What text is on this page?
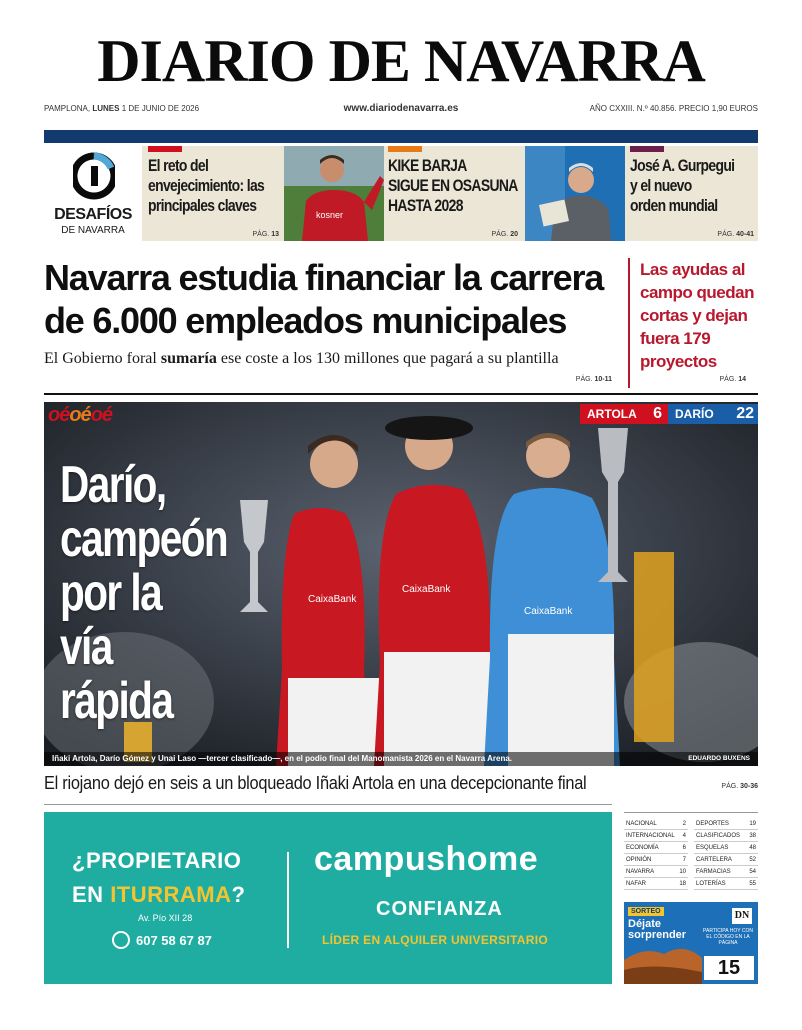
DIARIO DE NAVARRA
PAMPLONA, LUNES 1 DE JUNIO DE 2026	www.diariodenavarra.es	AÑO CXXIII. N.º 40.856. PRECIO 1,90 EUROS
DESAFÍOS
DE NAVARRA
El reto del
envejecimiento: las
principales claves
PÁG. 13
kosner
KIKE BARJA
SIGUE EN OSASUNA
HASTA 2028
PÁG. 20
José A. Gurpegui
y el nuevo
orden mundial
PÁG. 40-41
Navarra estudia financiar la carrera
de 6.000 empleados municipales
El Gobierno foral sumaría ese coste a los 130 millones que pagará a su plantilla
PÁG. 10-11
Las ayudas al
campo quedan
cortas y dejan
fuera 179
proyectos
PÁG. 14
CaixaBank
CaixaBank
CaixaBank
oéoéoé	ARTOLA 6	DARÍO 22
Darío,
campeón
por la vía
rápida
Iñaki Artola, Darío Gómez y Unai Laso —tercer clasificado—, en el podio final del Manomanista 2026 en el Navarra Arena.	EDUARDO BUXENS
El riojano dejó en seis a un bloqueado Iñaki Artola en una decepcionante final	PÁG. 30-36
¿PROPIETARIO
EN ITURRAMA?
Av. Pío XII 28
607 58 67 87
campushome
CONFIANZA
LÍDER EN ALQUILER UNIVERSITARIO
NACIONAL	2
INTERNACIONAL 4
ECONOMÍA	6
OPINIÓN	7
NAVARRA	10
NAFAR	18
DEPORTES	19
CLASIFICADOS 38
ESQUELAS	48
CARTELERA	52
FARMACIAS	54
LOTERÍAS	55
SORTEO
Déjate
sorprender
DN
PARTICIPA HOY CON EL CÓDIGO EN LA PÁGINA
15
